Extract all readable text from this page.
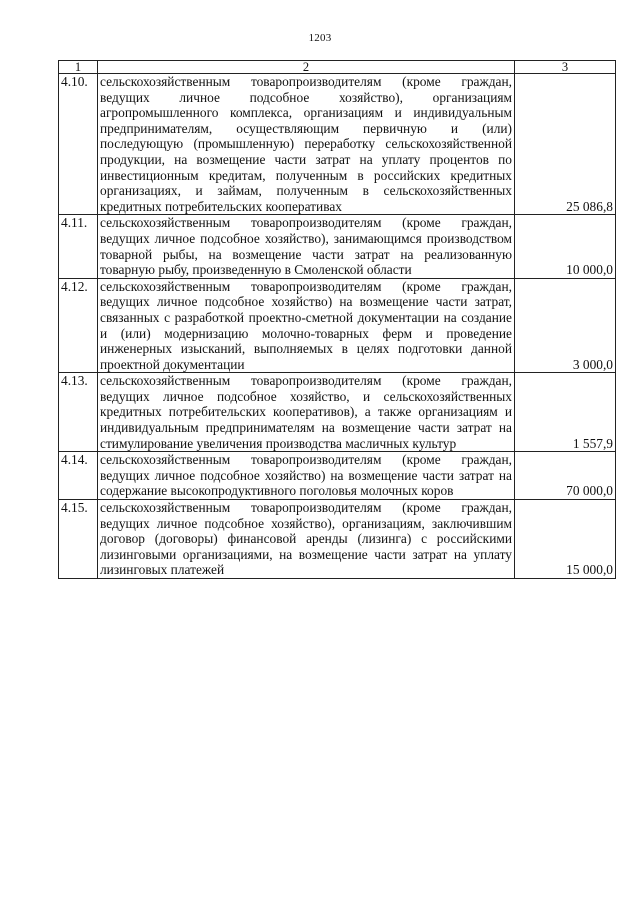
1203
1	2	3
4.10.	сельскохозяйственным товаропроизводителям (кроме граждан, ведущих личное подсобное хозяйство), организациям агропромышленного комплекса, организациям и индивидуальным предпринимателям, осуществляющим первичную и (или) последующую (промышленную) переработку сельскохозяйственной продукции, на возмещение части затрат на уплату процентов по инвестиционным кредитам, полученным в российских кредитных организациях, и займам, полученным в сельскохозяйственных кредитных потребительских кооперативах	25 086,8
4.11.	сельскохозяйственным товаропроизводителям (кроме граждан, ведущих личное подсобное хозяйство), занимающимся производством товарной рыбы, на возмещение части затрат на реализованную товарную рыбу, произведенную в Смоленской области	10 000,0
4.12.	сельскохозяйственным товаропроизводителям (кроме граждан, ведущих личное подсобное хозяйство) на возмещение части затрат, связанных с разработкой проектно-сметной документации на создание и (или) модернизацию молочно-товарных ферм и проведение инженерных изысканий, выполняемых в целях подготовки данной проектной документации	3 000,0
4.13.	сельскохозяйственным товаропроизводителям (кроме граждан, ведущих личное подсобное хозяйство, и сельскохозяйственных кредитных потребительских кооперативов), а также организациям и индивидуальным предпринимателям на возмещение части затрат на стимулирование увеличения производства масличных культур	1 557,9
4.14.	сельскохозяйственным товаропроизводителям (кроме граждан, ведущих личное подсобное хозяйство) на возмещение части затрат на содержание высокопродуктивного поголовья молочных коров	70 000,0
4.15.	сельскохозяйственным товаропроизводителям (кроме граждан, ведущих личное подсобное хозяйство), организациям, заключившим договор (договоры) финансовой аренды (лизинга) с российскими лизинговыми организациями, на возмещение части затрат на уплату лизинговых платежей	15 000,0
